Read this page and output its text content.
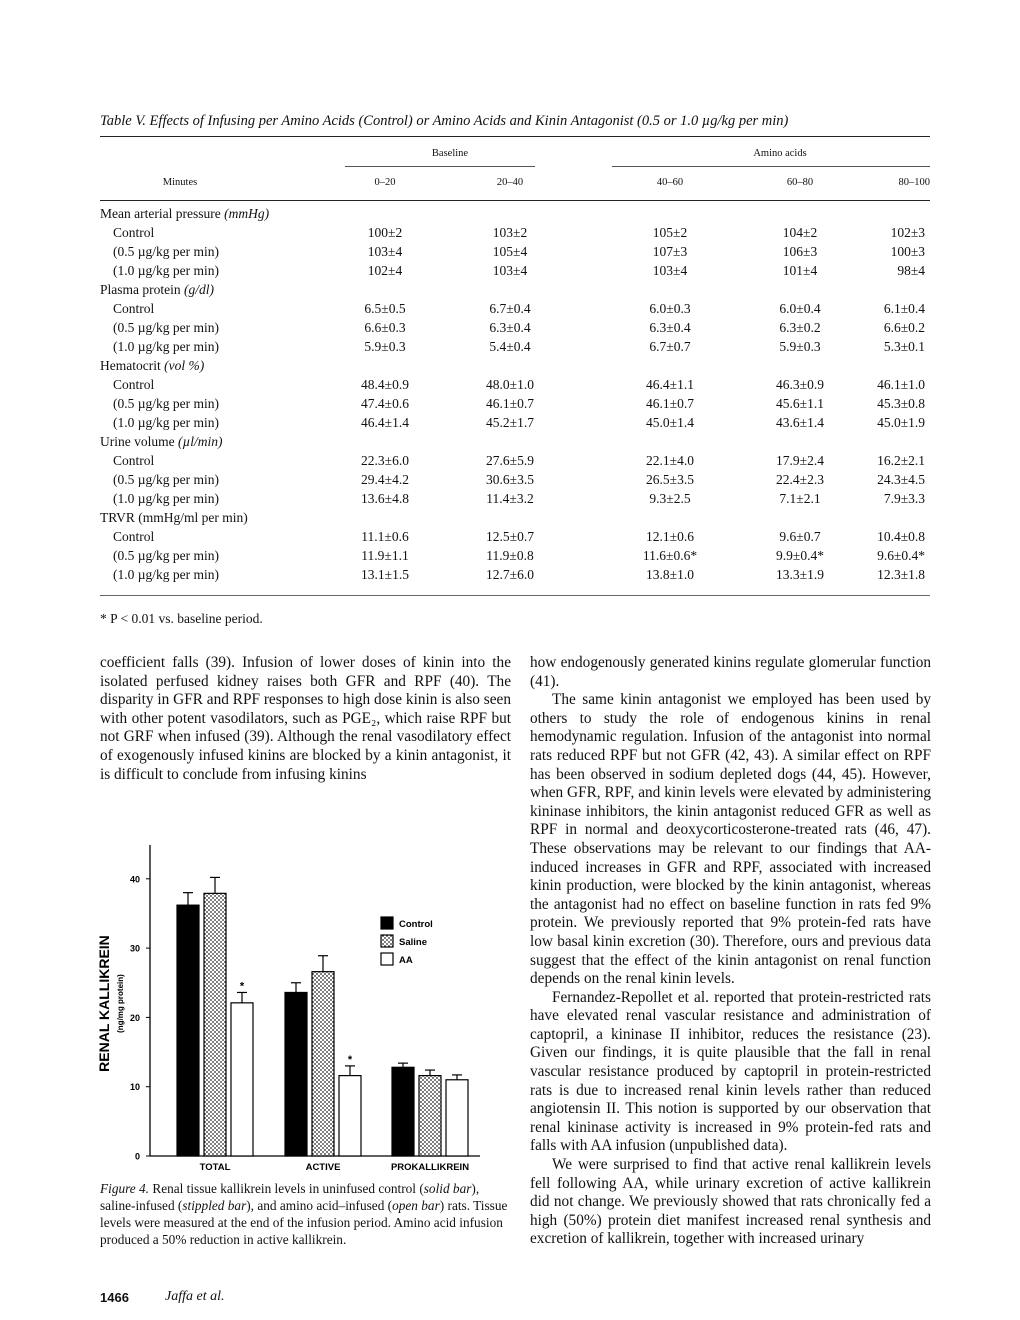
Table V. Effects of Infusing per Amino Acids (Control) or Amino Acids and Kinin Antagonist (0.5 or 1.0 µg/kg per min)
Baseline	Amino acids
Minutes	0–20	20–40	40–60	60–80	80–100
Mean arterial pressure (mmHg)
Control	100±2	103±2	105±2	104±2	102±3
(0.5 µg/kg per min)	103±4	105±4	107±3	106±3	100±3
(1.0 µg/kg per min)	102±4	103±4	103±4	101±4	98±4
Plasma protein (g/dl)
Control	6.5±0.5	6.7±0.4	6.0±0.3	6.0±0.4	6.1±0.4
(0.5 µg/kg per min)	6.6±0.3	6.3±0.4	6.3±0.4	6.3±0.2	6.6±0.2
(1.0 µg/kg per min)	5.9±0.3	5.4±0.4	6.7±0.7	5.9±0.3	5.3±0.1
Hematocrit (vol %)
Control	48.4±0.9	48.0±1.0	46.4±1.1	46.3±0.9	46.1±1.0
(0.5 µg/kg per min)	47.4±0.6	46.1±0.7	46.1±0.7	45.6±1.1	45.3±0.8
(1.0 µg/kg per min)	46.4±1.4	45.2±1.7	45.0±1.4	43.6±1.4	45.0±1.9
Urine volume (µl/min)
Control	22.3±6.0	27.6±5.9	22.1±4.0	17.9±2.4	16.2±2.1
(0.5 µg/kg per min)	29.4±4.2	30.6±3.5	26.5±3.5	22.4±2.3	24.3±4.5
(1.0 µg/kg per min)	13.6±4.8	11.4±3.2	9.3±2.5	7.1±2.1	7.9±3.3
TRVR (mmHg/ml per min)
Control	11.1±0.6	12.5±0.7	12.1±0.6	9.6±0.7	10.4±0.8
(0.5 µg/kg per min)	11.9±1.1	11.9±0.8	11.6±0.6*	9.9±0.4*	9.6±0.4*
(1.0 µg/kg per min)	13.1±1.5	12.7±6.0	13.8±1.0	13.3±1.9	12.3±1.8
* P < 0.01 vs. baseline period.

coefficient falls (39). Infusion of lower doses of kinin into the isolated perfused kidney raises both GFR and RPF (40). The disparity in GFR and RPF responses to high dose kinin is also seen with other potent vasodilators, such as PGE₂, which raise RPF but not GRF when infused (39). Although the renal vasodilatory effect of exogenously infused kinins are blocked by a kinin antagonist, it is difficult to conclude from infusing kinins

how endogenously generated kinins regulate glomerular function (41).

The same kinin antagonist we employed has been used by others to study the role of endogenous kinins in renal hemodynamic regulation. Infusion of the antagonist into normal rats reduced RPF but not GFR (42, 43). A similar effect on RPF has been observed in sodium depleted dogs (44, 45). However, when GFR, RPF, and kinin levels were elevated by administering kininase inhibitors, the kinin antagonist reduced GFR as well as RPF in normal and deoxycorticosterone-treated rats (46, 47). These observations may be relevant to our findings that AA-induced increases in GFR and RPF, associated with increased kinin production, were blocked by the kinin antagonist, whereas the antagonist had no effect on baseline function in rats fed 9% protein. We previously reported that 9% protein-fed rats have low basal kinin excretion (30). Therefore, ours and previous data suggest that the effect of the kinin antagonist on renal function depends on the renal kinin levels.

Fernandez-Repollet et al. reported that protein-restricted rats have elevated renal vascular resistance and administration of captopril, a kininase II inhibitor, reduces the resistance (23). Given our findings, it is quite plausible that the fall in renal vascular resistance produced by captopril in protein-restricted rats is due to increased renal kinin levels rather than reduced angiotensin II. This notion is supported by our observation that renal kininase activity is increased in 9% protein-fed rats and falls with AA infusion (unpublished data).

We were surprised to find that active renal kallikrein levels fell following AA, while urinary excretion of active kallikrein did not change. We previously showed that rats chronically fed a high (50%) protein diet manifest increased renal synthesis and excretion of kallikrein, together with increased urinary

0
10
20
30
40
RENAL KALLIKREIN (ng/mg protein)	*
TOTAL
*
ACTIVE	PROKALLIKREIN
Control
Saline
AA
Figure 4. Renal tissue kallikrein levels in uninfused control (solid bar), saline-infused (stippled bar), and amino acid–infused (open bar) rats. Tissue levels were measured at the end of the infusion period. Amino acid infusion produced a 50% reduction in active kallikrein.
1466	Jaffa et al.
